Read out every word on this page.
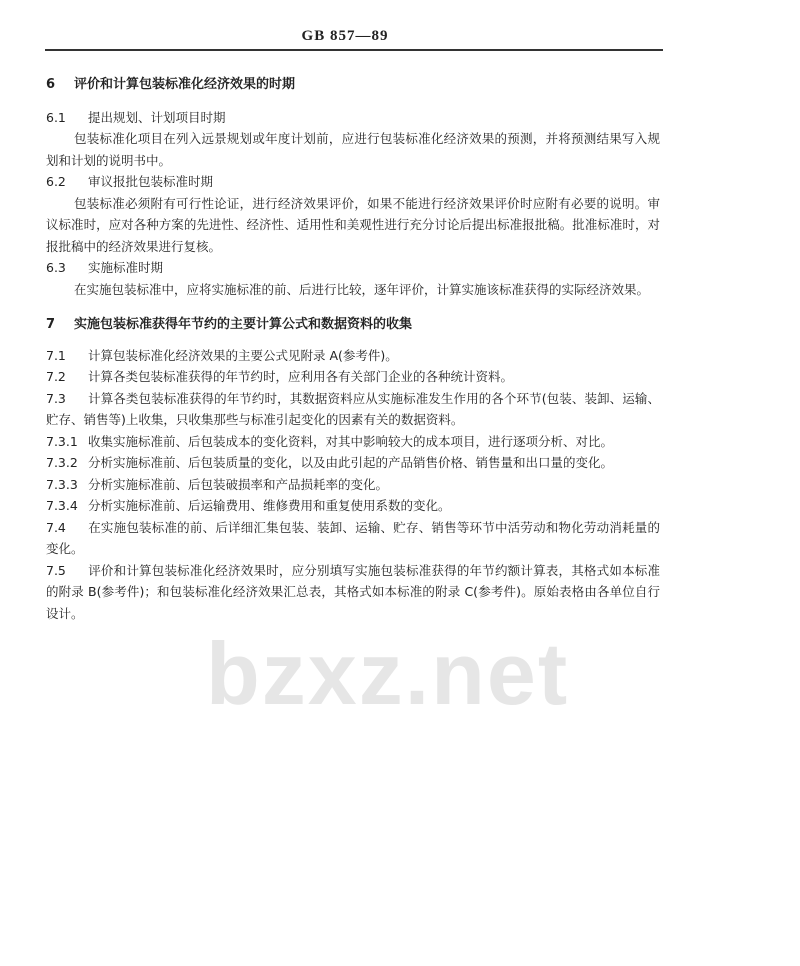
GB 857—89
6 评价和计算包装标准化经济效果的时期
6.1 提出规划、计划项目时期
包装标准化项目在列入远景规划或年度计划前，应进行包装标准化经济效果的预测，并将预测结果写入规划和计划的说明书中。
6.2 审议报批包装标准时期
包装标准必须附有可行性论证，进行经济效果评价，如果不能进行经济效果评价时应附有必要的说明。审议标准时，应对各种方案的先进性、经济性、适用性和美观性进行充分讨论后提出标准报批稿。批准标准时，对报批稿中的经济效果进行复核。
6.3 实施标准时期
在实施包装标准中，应将实施标准的前、后进行比较，逐年评价，计算实施该标准获得的实际经济效果。
7 实施包装标准获得年节约的主要计算公式和数据资料的收集
7.1 计算包装标准化经济效果的主要公式见附录 A(参考件)。
7.2 计算各类包装标准获得的年节约时，应利用各有关部门企业的各种统计资料。
7.3 计算各类包装标准获得的年节约时，其数据资料应从实施标准发生作用的各个环节(包装、装卸、运输、贮存、销售等)上收集，只收集那些与标准引起变化的因素有关的数据资料。
7.3.1 收集实施标准前、后包装成本的变化资料，对其中影响较大的成本项目，进行逐项分析、对比。
7.3.2 分析实施标准前、后包装质量的变化，以及由此引起的产品销售价格、销售量和出口量的变化。
7.3.3 分析实施标准前、后包装破损率和产品损耗率的变化。
7.3.4 分析实施标准前、后运输费用、维修费用和重复使用系数的变化。
7.4 在实施包装标准的前、后详细汇集包装、装卸、运输、贮存、销售等环节中活劳动和物化劳动消耗量的变化。
7.5 评价和计算包装标准化经济效果时，应分别填写实施包装标准获得的年节约额计算表，其格式如本标准的附录 B(参考件)；和包装标准化经济效果汇总表，其格式如本标准的附录 C(参考件)。原始表格由各单位自行设计。
bzxz.net
